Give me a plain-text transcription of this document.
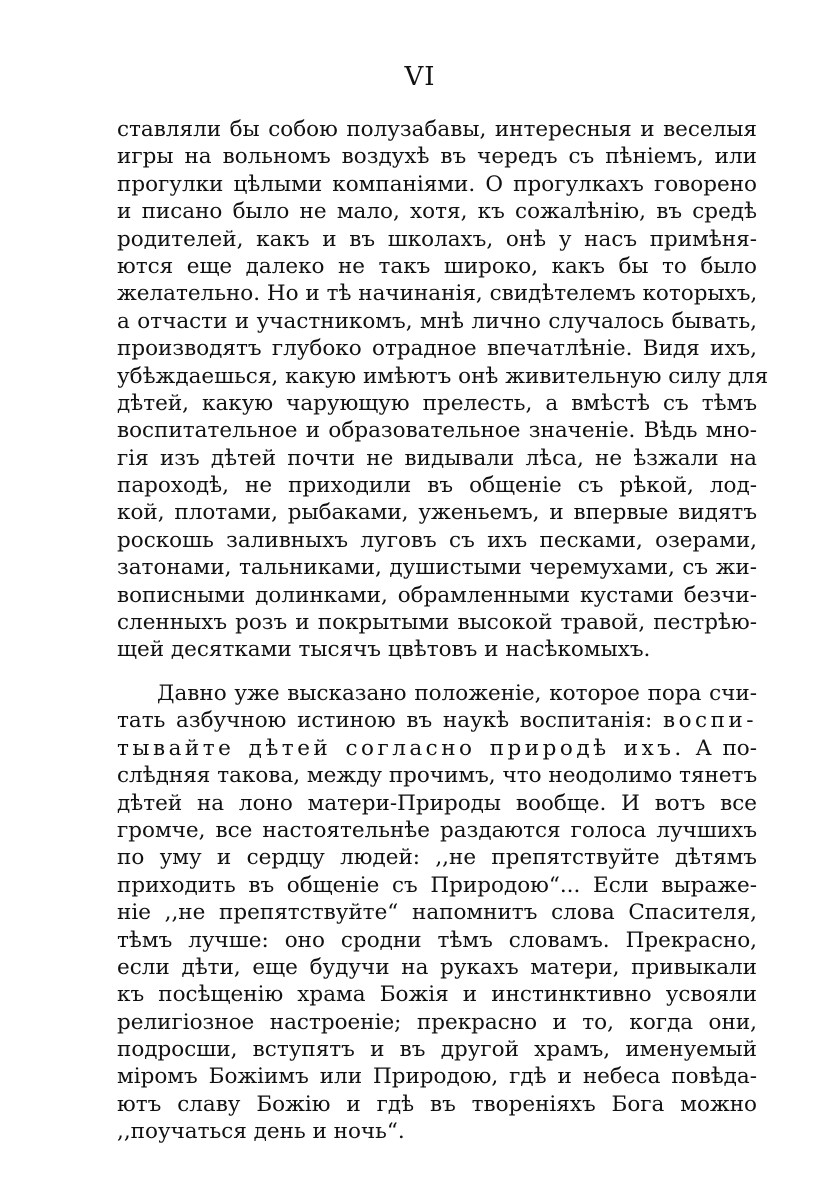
VI
ставляли бы собою полузабавы, интересныя и веселыя
игры на вольномъ воздухѣ въ чередъ съ пѣніемъ, или
прогулки цѣлыми компаніями. О прогулкахъ говорено
и писано было не мало, хотя, къ сожалѣнію, въ средѣ
родителей, какъ и въ школахъ, онѣ у насъ примѣня-
ются еще далеко не такъ широко, какъ бы то было
желательно. Но и тѣ начинанія, свидѣтелемъ которыхъ,
а отчасти и участникомъ, мнѣ лично случалось бывать,
производятъ глубоко отрадное впечатлѣніе. Видя ихъ,
убѣждаешься, какую имѣютъ онѣ живительную силу для
дѣтей, какую чарующую прелесть, а вмѣстѣ съ тѣмъ
воспитательное и образовательное значеніе. Вѣдь мно-
гія изъ дѣтей почти не видывали лѣса, не ѣзжали на
пароходѣ, не приходили въ общеніе съ рѣкой, лод-
кой, плотами, рыбаками, уженьемъ, и впервые видятъ
роскошь заливныхъ луговъ съ ихъ песками, озерами,
затонами, тальниками, душистыми черемухами, съ жи-
вописными долинками, обрамленными кустами безчи-
сленныхъ розъ и покрытыми высокой травой, пестрѣю-
щей десятками тысячъ цвѣтовъ и насѣкомыхъ.
Давно уже высказано положеніе, которое пора счи-
тать азбучною истиною въ наукѣ воспитанія: воспи-
тывайте дѣтей согласно природѣ ихъ. А по-
слѣдняя такова, между прочимъ, что неодолимо тянетъ
дѣтей на лоно матери-Природы вообще. И вотъ все
громче, все настоятельнѣе раздаются голоса лучшихъ
по уму и сердцу людей: ,,не препятствуйте дѣтямъ
приходить въ общеніе съ Природою“... Если выраже-
ніе ,,не препятствуйте“ напомнитъ слова Спасителя,
тѣмъ лучше: оно сродни тѣмъ словамъ. Прекрасно,
если дѣти, еще будучи на рукахъ матери, привыкали
къ посѣщенію храма Божія и инстинктивно усвояли
религіозное настроеніе; прекрасно и то, когда они,
подросши, вступятъ и въ другой храмъ, именуемый
міромъ Божіимъ или Природою, гдѣ и небеса повѣда-
ютъ славу Божію и гдѣ въ твореніяхъ Бога можно
,,поучаться день и ночь“.
